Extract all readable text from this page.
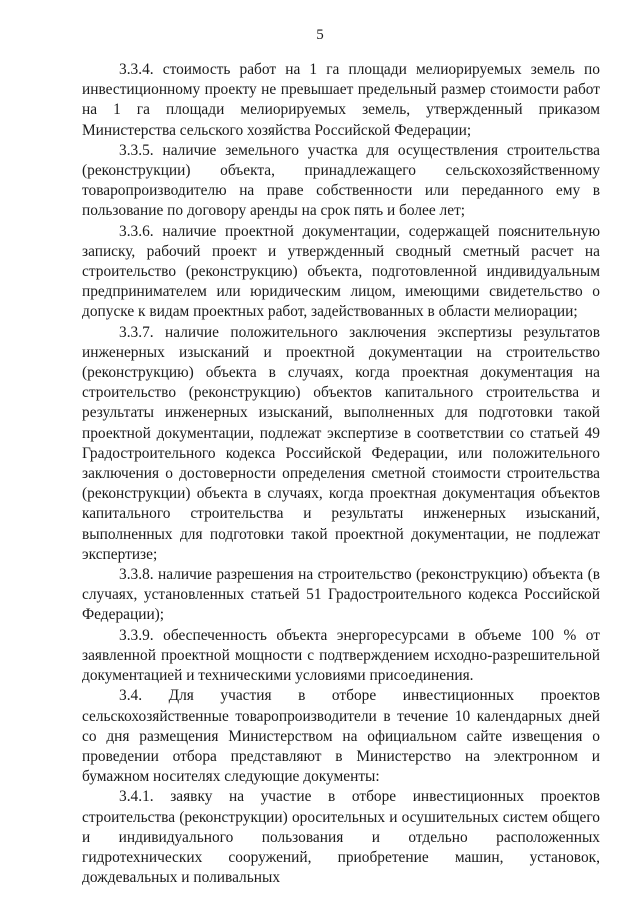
5

3.3.4. стоимость работ на 1 га площади мелиорируемых земель по инвестиционному проекту не превышает предельный размер стоимости работ на 1 га площади мелиорируемых земель, утвержденный приказом Министерства сельского хозяйства Российской Федерации;

3.3.5. наличие земельного участка для осуществления строительства (реконструкции) объекта, принадлежащего сельскохозяйственному товаропроизводителю на праве собственности или переданного ему в пользование по договору аренды на срок пять и более лет;

3.3.6. наличие проектной документации, содержащей пояснительную записку, рабочий проект и утвержденный сводный сметный расчет на строительство (реконструкцию) объекта, подготовленной индивидуальным предпринимателем или юридическим лицом, имеющими свидетельство о допуске к видам проектных работ, задействованных в области мелиорации;

3.3.7. наличие положительного заключения экспертизы результатов инженерных изысканий и проектной документации на строительство (реконструкцию) объекта в случаях, когда проектная документация на строительство (реконструкцию) объектов капитального строительства и результаты инженерных изысканий, выполненных для подготовки такой проектной документации, подлежат экспертизе в соответствии со статьей 49 Градостроительного кодекса Российской Федерации, или положительного заключения о достоверности определения сметной стоимости строительства (реконструкции) объекта в случаях, когда проектная документация объектов капитального строительства и результаты инженерных изысканий, выполненных для подготовки такой проектной документации, не подлежат экспертизе;

3.3.8. наличие разрешения на строительство (реконструкцию) объекта (в случаях, установленных статьей 51 Градостроительного кодекса Российской Федерации);

3.3.9. обеспеченность объекта энергоресурсами в объеме 100 % от заявленной проектной мощности с подтверждением исходно-разрешительной документацией и техническими условиями присоединения.

3.4. Для участия в отборе инвестиционных проектов сельскохозяйственные товаропроизводители в течение 10 календарных дней со дня размещения Министерством на официальном сайте извещения о проведении отбора представляют в Министерство на электронном и бумажном носителях следующие документы:

3.4.1. заявку на участие в отборе инвестиционных проектов строительства (реконструкции) оросительных и осушительных систем общего и индивидуального пользования и отдельно расположенных гидротехнических сооружений, приобретение машин, установок, дождевальных и поливальных
